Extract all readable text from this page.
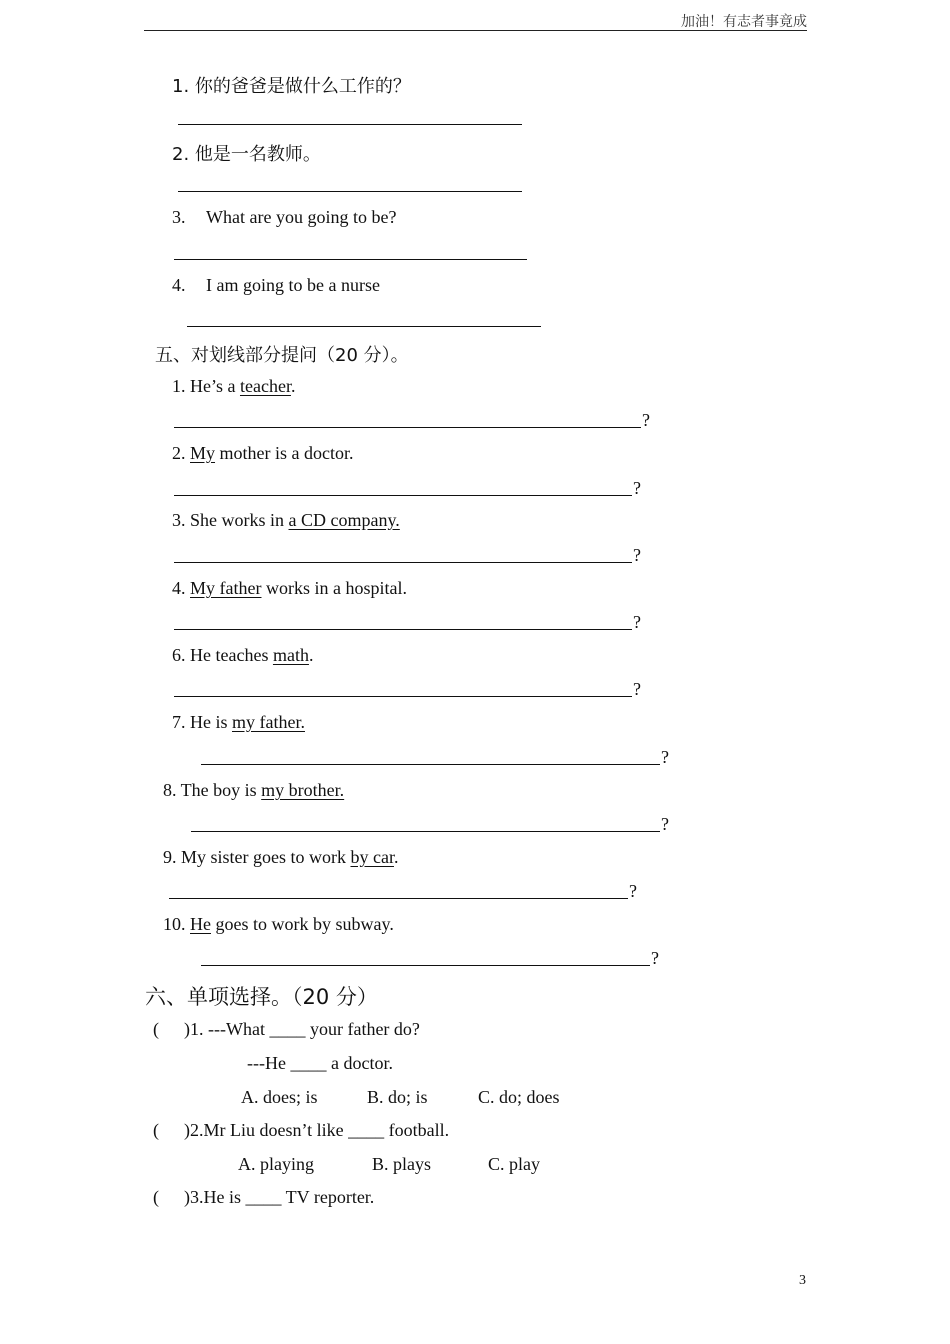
加油！有志者事竟成
1. 你的爸爸是做什么工作的？
2. 他是一名教师。
3. What are you going to be?
4. I am going to be a nurse
五、对划线部分提问（20 分）。
1. He’s a teacher.
?
2. My mother is a doctor.
?
3. She works in a CD company.
?
4. My father works in a hospital.
?
6. He teaches math.
?
7. He is my father.
?
8. The boy is my brother.
?
9. My sister goes to work by car.
?
10. He goes to work by subway.
?
六、单项选择。（20 分）
( ) 1. ---What ____ your father do?
---He ____ a doctor.
A. does; is	B. do; is	C. do; does
( ) 2.Mr Liu doesn’t like ____ football.
A. playing	B. plays	C. play
( ) 3.He is ____ TV reporter.
3
